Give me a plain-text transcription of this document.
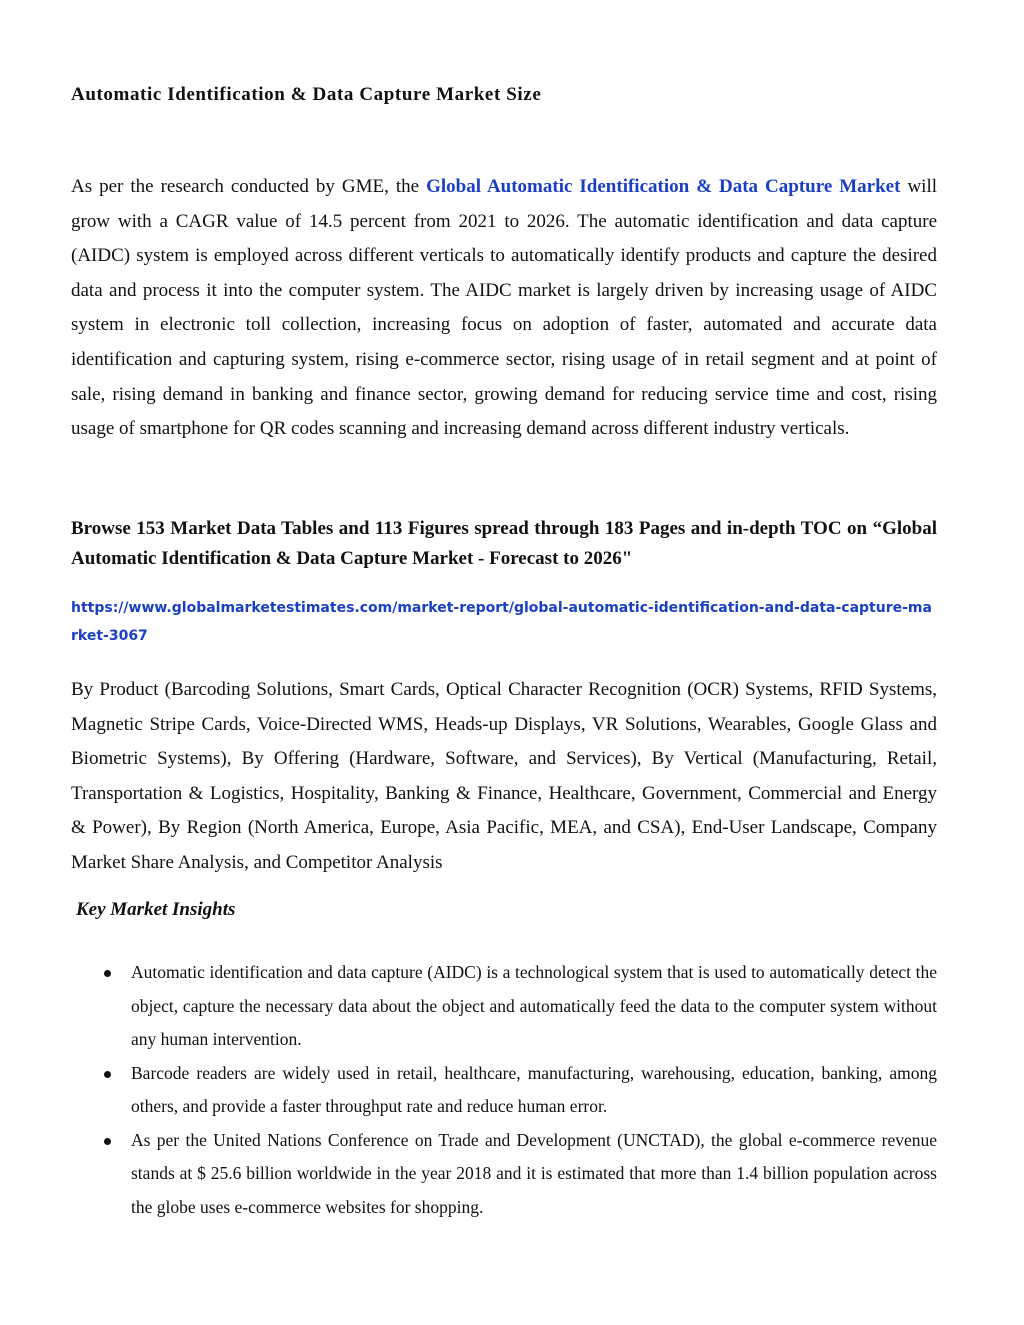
Automatic Identification & Data Capture Market Size

As per the research conducted by GME, the Global Automatic Identification & Data Capture Market will grow with a CAGR value of 14.5 percent from 2021 to 2026. The automatic identification and data capture (AIDC) system is employed across different verticals to automatically identify products and capture the desired data and process it into the computer system. The AIDC market is largely driven by increasing usage of AIDC system in electronic toll collection, increasing focus on adoption of faster, automated and accurate data identification and capturing system, rising e-commerce sector, rising usage of in retail segment and at point of sale, rising demand in banking and finance sector, growing demand for reducing service time and cost, rising usage of smartphone for QR codes scanning and increasing demand across different industry verticals.

Browse 153 Market Data Tables and 113 Figures spread through 183 Pages and in-depth TOC on “Global Automatic Identification & Data Capture Market - Forecast to 2026"

https://www.globalmarketestimates.com/market-report/global-automatic-identification-and-data-capture-market-3067

By Product (Barcoding Solutions, Smart Cards, Optical Character Recognition (OCR) Systems, RFID Systems, Magnetic Stripe Cards, Voice-Directed WMS, Heads-up Displays, VR Solutions, Wearables, Google Glass and Biometric Systems), By Offering (Hardware, Software, and Services), By Vertical (Manufacturing, Retail, Transportation & Logistics, Hospitality, Banking & Finance, Healthcare, Government, Commercial and Energy & Power), By Region (North America, Europe, Asia Pacific, MEA, and CSA), End-User Landscape, Company Market Share Analysis, and Competitor Analysis

Key Market Insights
Automatic identification and data capture (AIDC) is a technological system that is used to automatically detect the object, capture the necessary data about the object and automatically feed the data to the computer system without any human intervention.
Barcode readers are widely used in retail, healthcare, manufacturing, warehousing, education, banking, among others, and provide a faster throughput rate and reduce human error.
As per the United Nations Conference on Trade and Development (UNCTAD), the global e-commerce revenue stands at $ 25.6 billion worldwide in the year 2018 and it is estimated that more than 1.4 billion population across the globe uses e-commerce websites for shopping.
